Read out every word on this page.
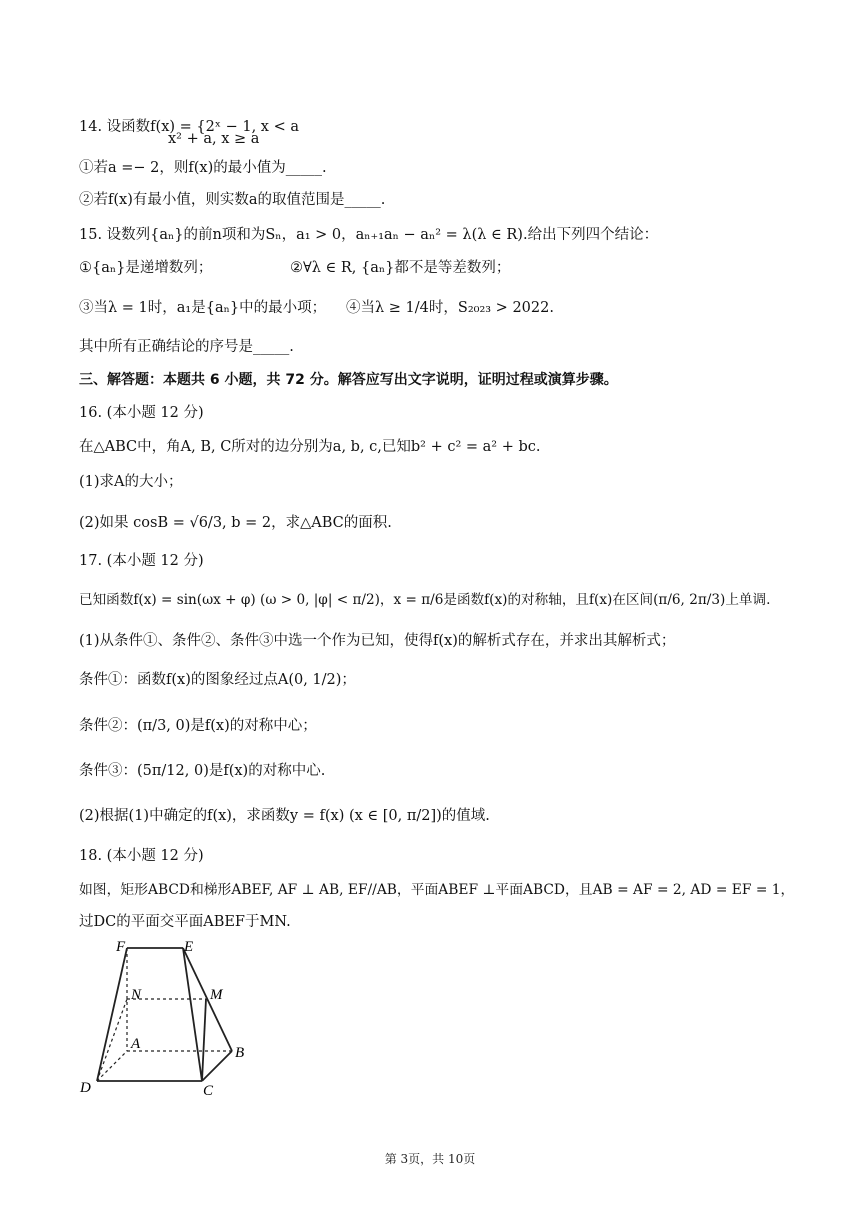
14. 设函数f(x) = {2ˣ − 1, x < a
x² + a, x ≥ a
①若a =− 2，则f(x)的最小值为_____.
②若f(x)有最小值，则实数a的取值范围是_____.
15. 设数列{aₙ}的前n项和为Sₙ，a₁ > 0，aₙ₊₁aₙ − aₙ² = λ(λ ∈ R).给出下列四个结论：
①{aₙ}是递增数列；	②∀λ ∈ R, {aₙ}都不是等差数列；
③当λ = 1时，a₁是{aₙ}中的最小项； ④当λ ≥ 1/4时，S₂₀₂₃ > 2022.
其中所有正确结论的序号是_____.
三、解答题：本题共 6 小题，共 72 分。解答应写出文字说明，证明过程或演算步骤。
16. (本小题 12 分)
在△ABC中，角A, B, C所对的边分别为a, b, c,已知b² + c² = a² + bc.
(1)求A的大小；
(2)如果 cosB = √6/3, b = 2，求△ABC的面积.
17. (本小题 12 分)
已知函数f(x) = sin(ωx + φ) (ω > 0, |φ| < π/2)，x = π/6是函数f(x)的对称轴，且f(x)在区间(π/6, 2π/3)上单调.
(1)从条件①、条件②、条件③中选一个作为已知，使得f(x)的解析式存在，并求出其解析式；
条件①：函数f(x)的图象经过点A(0, 1/2)；
条件②：(π/3, 0)是f(x)的对称中心；
条件③：(5π/12, 0)是f(x)的对称中心.
(2)根据(1)中确定的f(x)，求函数y = f(x) (x ∈ [0, π/2])的值域.
18. (本小题 12 分)
如图，矩形ABCD和梯形ABEF, AF ⊥ AB, EF//AB，平面ABEF ⊥平面ABCD，且AB = AF = 2, AD = EF = 1，
过DC的平面交平面ABEF于MN.
F	E
N	M
A
B
D	C
第 3页，共 10页
